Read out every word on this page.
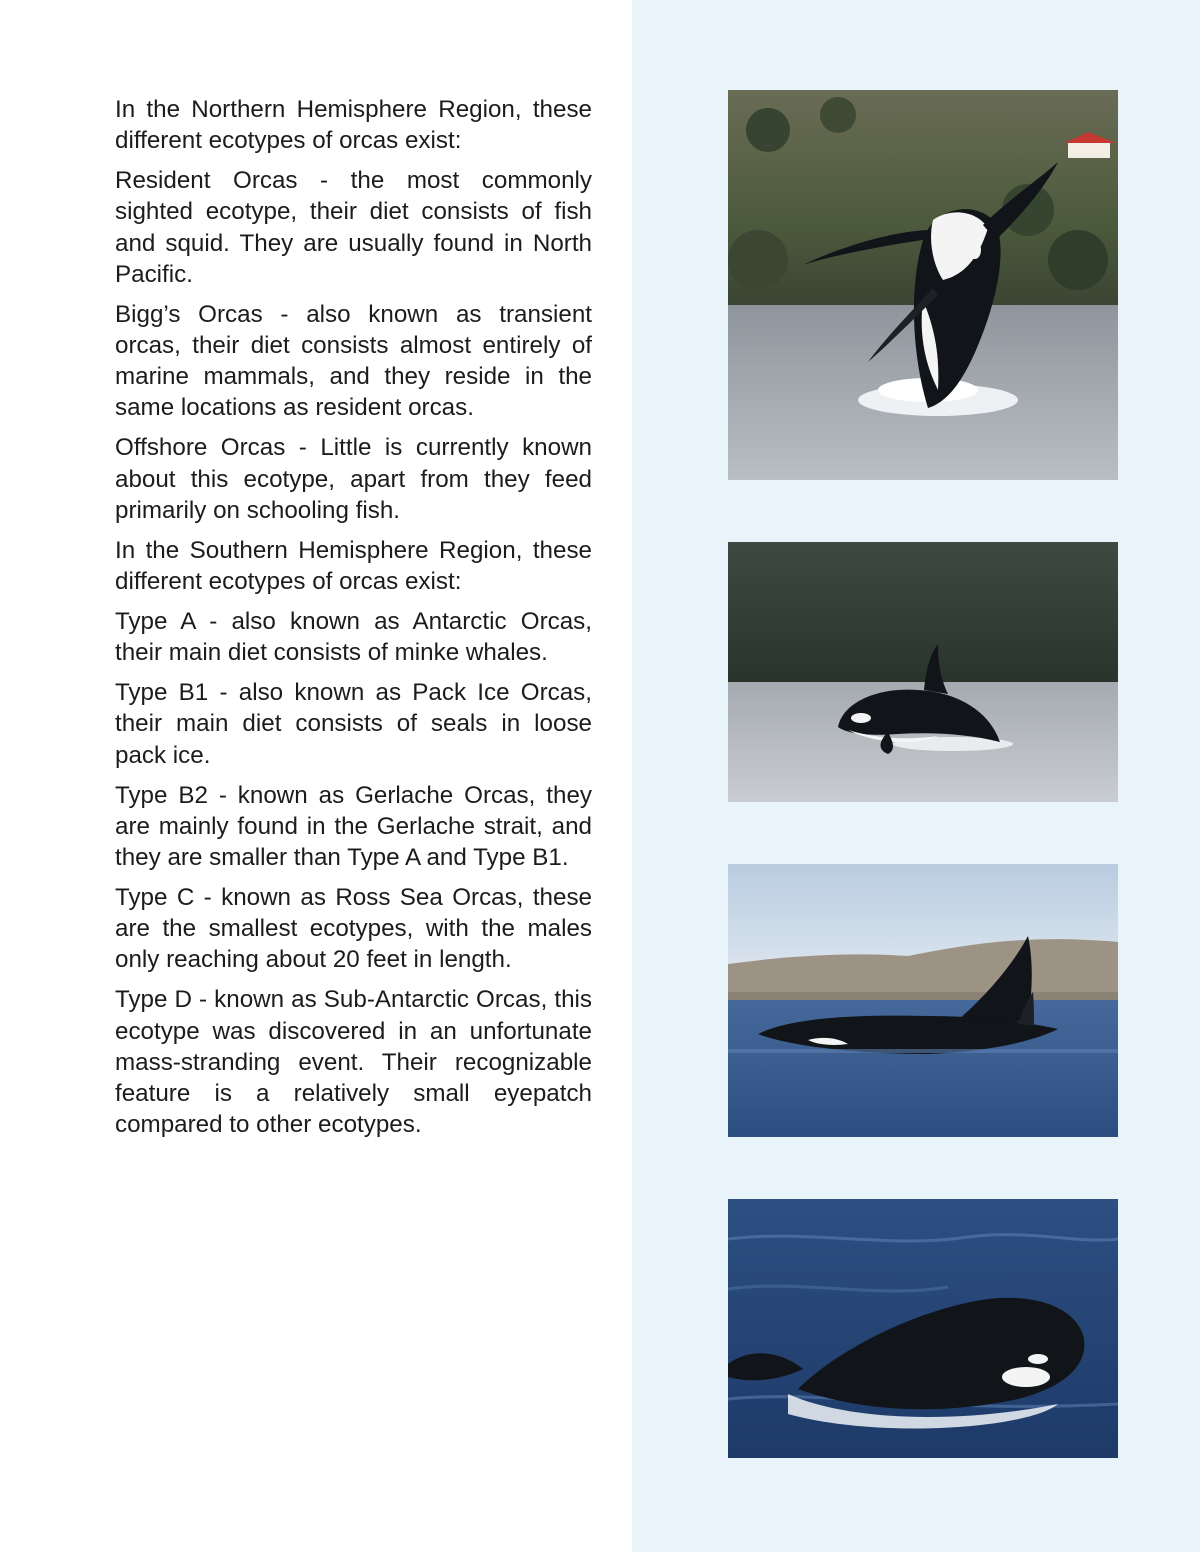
In the Northern Hemisphere Region, these different ecotypes of orcas exist:

Resident Orcas - the most commonly sighted ecotype, their diet consists of fish and squid. They are usually found in North Pacific.

Bigg’s Orcas - also known as transient orcas, their diet consists almost entirely of marine mammals, and they reside in the same locations as resident orcas.

Offshore Orcas - Little is currently known about this ecotype, apart from they feed primarily on schooling fish.

In the Southern Hemisphere Region, these different ecotypes of orcas exist:

Type A - also known as Antarctic Orcas, their main diet consists of minke whales.

Type B1 - also known as Pack Ice Orcas, their main diet consists of seals in loose pack ice.

Type B2 - known as Gerlache Orcas, they are mainly found in the Gerlache strait, and they are smaller than Type A and Type B1.

Type C - known as Ross Sea Orcas, these are the smallest ecotypes, with the males only reaching about 20 feet in length.

Type D - known as Sub-Antarctic Orcas, this ecotype was discovered in an unfortunate mass-stranding event. Their recognizable feature is a relatively small eyepatch compared to other ecotypes.
